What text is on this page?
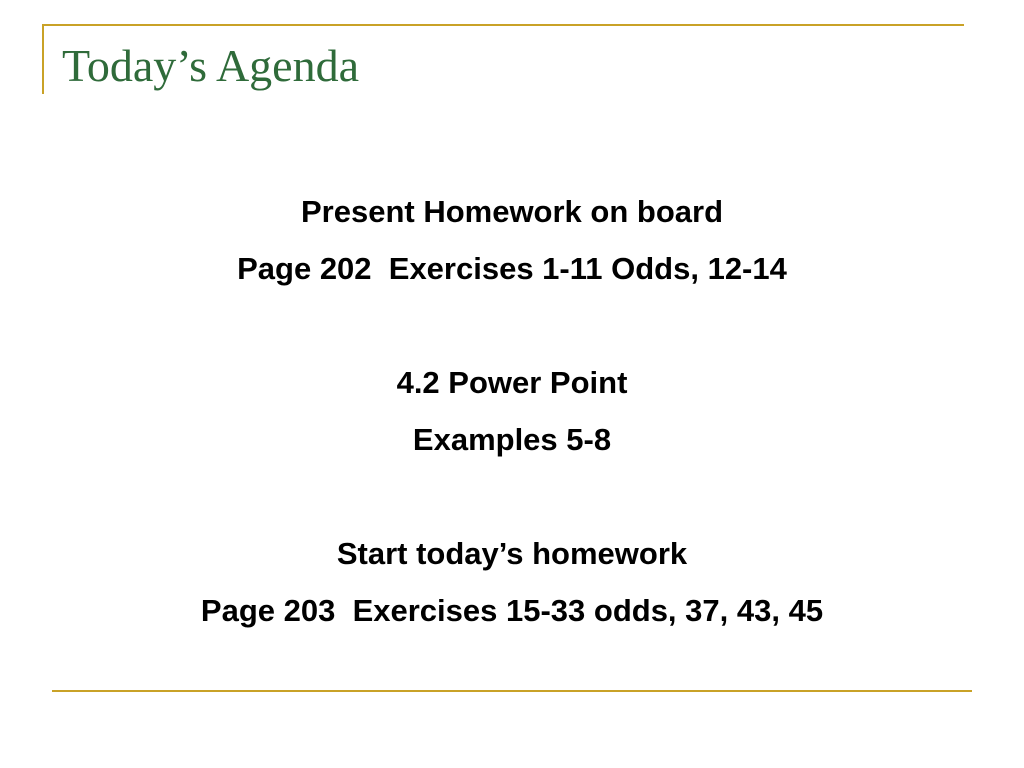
Today’s Agenda
Present Homework on board
Page 202  Exercises 1-11 Odds, 12-14
4.2 Power Point
Examples 5-8
Start today’s homework
Page 203  Exercises 15-33 odds, 37, 43, 45
